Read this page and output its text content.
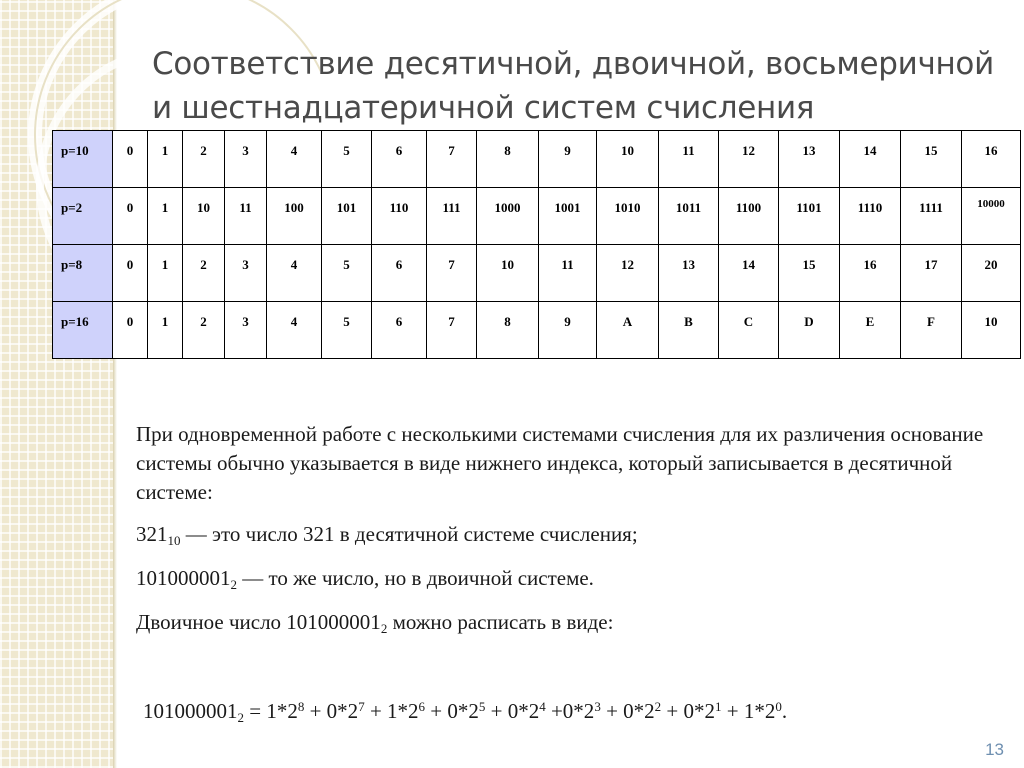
Соответствие десятичной, двоичной, восьмеричной и шестнадцатеричной систем счисления
p=10	0	1	2	3	4	5	6	7	8	9	10	11	12	13	14	15	16
p=2	0	1	10	11	100	101	110	111	1000	1001	1010	1011	1100	1101	1110	1111	10000
p=8	0	1	2	3	4	5	6	7	10	11	12	13	14	15	16	17	20
p=16	0	1	2	3	4	5	6	7	8	9	A	B	C	D	E	F	10

При одновременной работе с несколькими системами счисления для их различения основание системы обычно указывается в виде нижнего индекса, который записывается в десятичной системе:

$321_{10}$ — это число 321 в десятичной системе счисления;

$101000001_2$ — то же число, но в двоичной системе.

Двоичное число $101000001_2$ можно расписать в виде:

$101000001_2 = 1*2^8 + 0*2^7 + 1*2^6 + 0*2^5 + 0*2^4 +0*2^3 + 0*2^2 + 0*2^1 + 1*2^0$.
13
